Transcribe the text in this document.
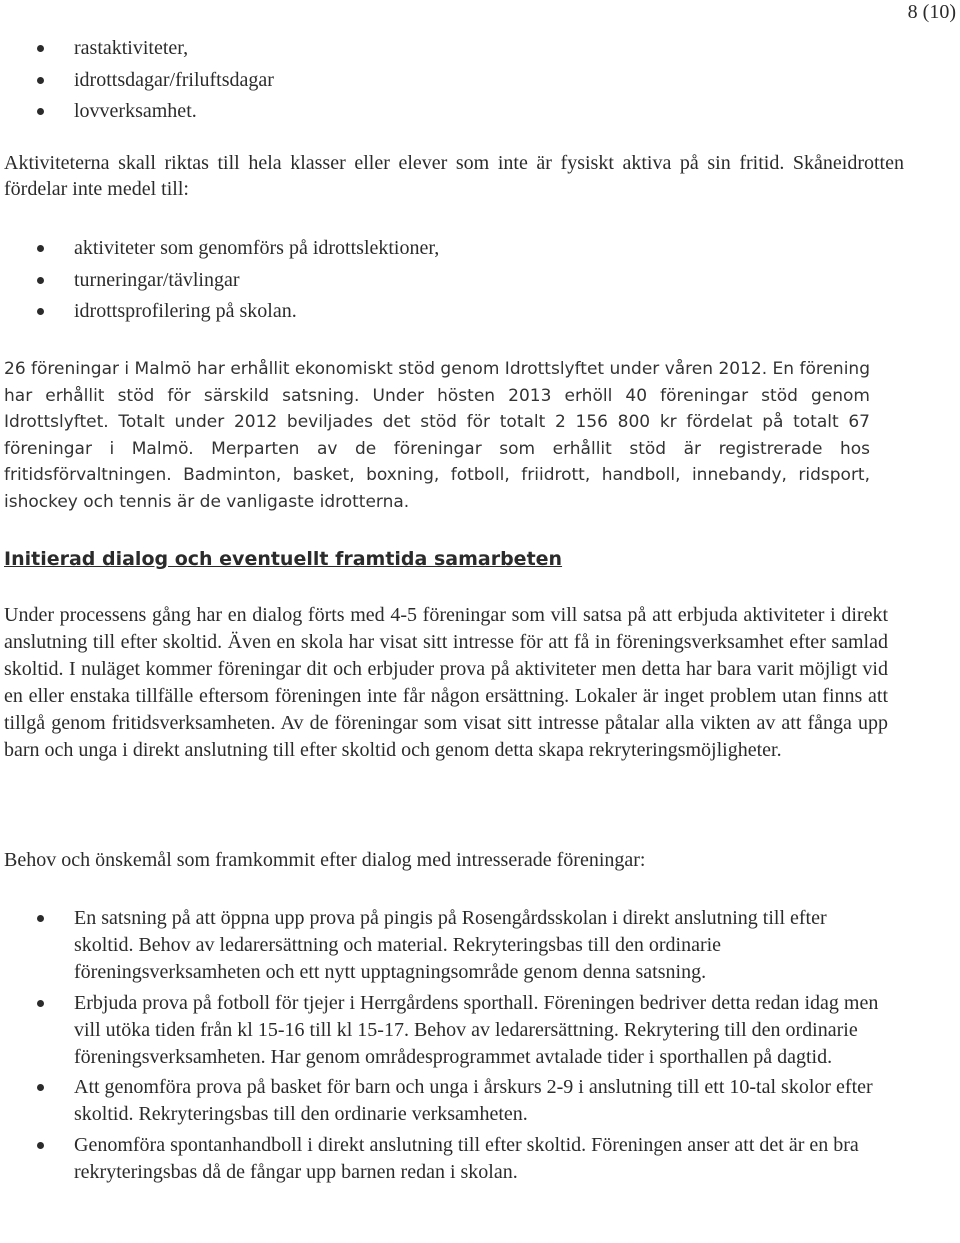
8 (10)
rastaktiviteter,
idrottsdagar/friluftsdagar
lovverksamhet.

Aktiviteterna skall riktas till hela klasser eller elever som inte är fysiskt aktiva på sin fritid. Skåneidrotten fördelar inte medel till:

aktiviteter som genomförs på idrottslektioner,
turneringar/tävlingar
idrottsprofilering på skolan.

26 föreningar i Malmö har erhållit ekonomiskt stöd genom Idrottslyftet under våren 2012. En förening har erhållit stöd för särskild satsning. Under hösten 2013 erhöll 40 föreningar stöd genom Idrottslyftet. Totalt under 2012 beviljades det stöd för totalt 2 156 800 kr fördelat på totalt 67 föreningar i Malmö. Merparten av de föreningar som erhållit stöd är registrerade hos fritidsförvaltningen. Badminton, basket, boxning, fotboll, friidrott, handboll, innebandy, ridsport, ishockey och tennis är de vanligaste idrotterna.

Initierad dialog och eventuellt framtida samarbeten

Under processens gång har en dialog förts med 4-5 föreningar som vill satsa på att erbjuda aktiviteter i direkt anslutning till efter skoltid. Även en skola har visat sitt intresse för att få in föreningsverksamhet efter samlad skoltid. I nuläget kommer föreningar dit och erbjuder prova på aktiviteter men detta har bara varit möjligt vid en eller enstaka tillfälle eftersom föreningen inte får någon ersättning. Lokaler är inget problem utan finns att tillgå genom fritidsverksamheten. Av de föreningar som visat sitt intresse påtalar alla vikten av att fånga upp barn och unga i direkt anslutning till efter skoltid och genom detta skapa rekryteringsmöjligheter.

Behov och önskemål som framkommit efter dialog med intresserade föreningar:

En satsning på att öppna upp prova på pingis på Rosengårdsskolan i direkt anslutning till efter skoltid. Behov av ledarersättning och material. Rekryteringsbas till den ordinarie föreningsverksamheten och ett nytt upptagningsområde genom denna satsning.
Erbjuda prova på fotboll för tjejer i Herrgårdens sporthall. Föreningen bedriver detta redan idag men vill utöka tiden från kl 15-16 till kl 15-17. Behov av ledarersättning. Rekrytering till den ordinarie föreningsverksamheten. Har genom områdesprogrammet avtalade tider i sporthallen på dagtid.
Att genomföra prova på basket för barn och unga i årskurs 2-9 i anslutning till ett 10-tal skolor efter skoltid. Rekryteringsbas till den ordinarie verksamheten.
Genomföra spontanhandboll i direkt anslutning till efter skoltid. Föreningen anser att det är en bra rekryteringsbas då de fångar upp barnen redan i skolan.
